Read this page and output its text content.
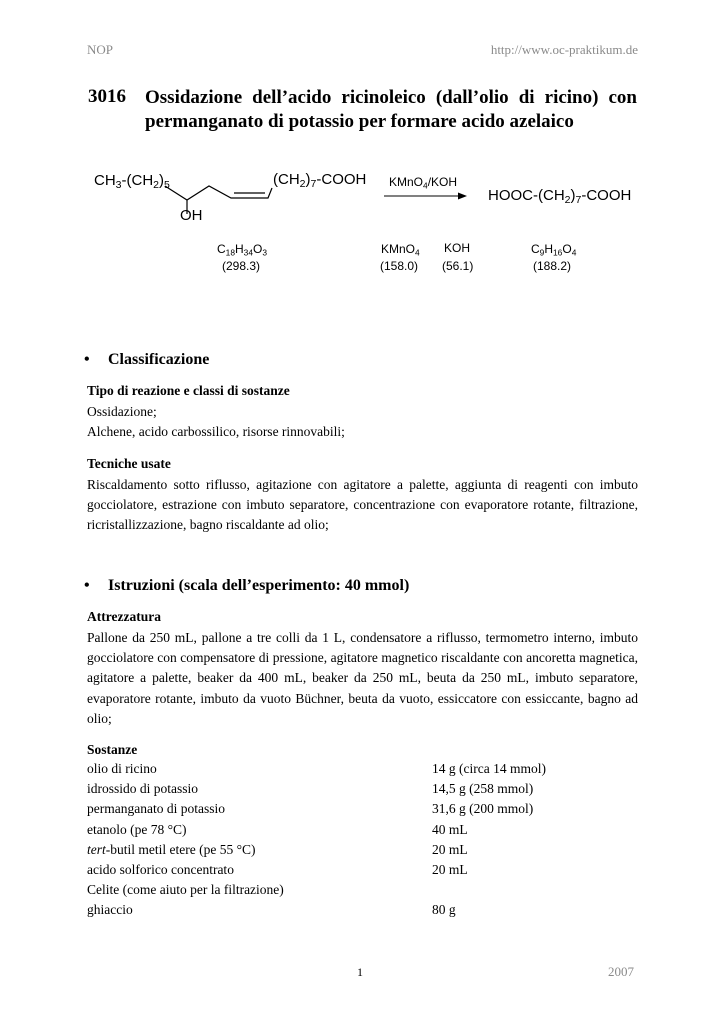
NOP	http://www.oc-praktikum.de
3016 Ossidazione dell’acido ricinoleico (dall’olio di ricino) con permanganato di potassio per formare acido azelaico
$CH_3-(CH_2)_5$
OH
$(CH_2)_7$-COOH KMnO$_4$/KOH
HOOC-$(CH_2)_7$-COOH
$C_{18}H_{34}O_3$
(298.3)
KMnO$_4$
(158.0)
KOH
(56.1)
$C_9H_{16}O_4$
(188.2)
• Classificazione
Tipo di reazione e classi di sostanze
Ossidazione;
Alchene, acido carbossilico, risorse rinnovabili;
Tecniche usate
Riscaldamento sotto riflusso, agitazione con agitatore a palette, aggiunta di reagenti con imbuto gocciolatore, estrazione con imbuto separatore, concentrazione con evaporatore rotante, filtrazione, ricristallizzazione, bagno riscaldante ad olio;
• Istruzioni (scala dell’esperimento: 40 mmol)
Attrezzatura
Pallone da 250 mL, pallone a tre colli da 1 L, condensatore a riflusso, termometro interno, imbuto gocciolatore con compensatore di pressione, agitatore magnetico riscaldante con ancoretta magnetica, agitatore a palette, beaker da 400 mL, beaker da 250 mL, beuta da 250 mL, imbuto separatore, evaporatore rotante, imbuto da vuoto Büchner, beuta da vuoto, essiccatore con essiccante, bagno ad olio;
Sostanze
olio di ricino	14 g (circa 14 mmol)
idrossido di potassio	14,5 g (258 mmol)
permanganato di potassio	31,6 g (200 mmol)
etanolo (pe 78 °C)	40 mL
tert-butil metil etere (pe 55 °C)	20 mL
acido solforico concentrato	20 mL
Celite (come aiuto per la filtrazione)
ghiaccio	80 g
1	2007
